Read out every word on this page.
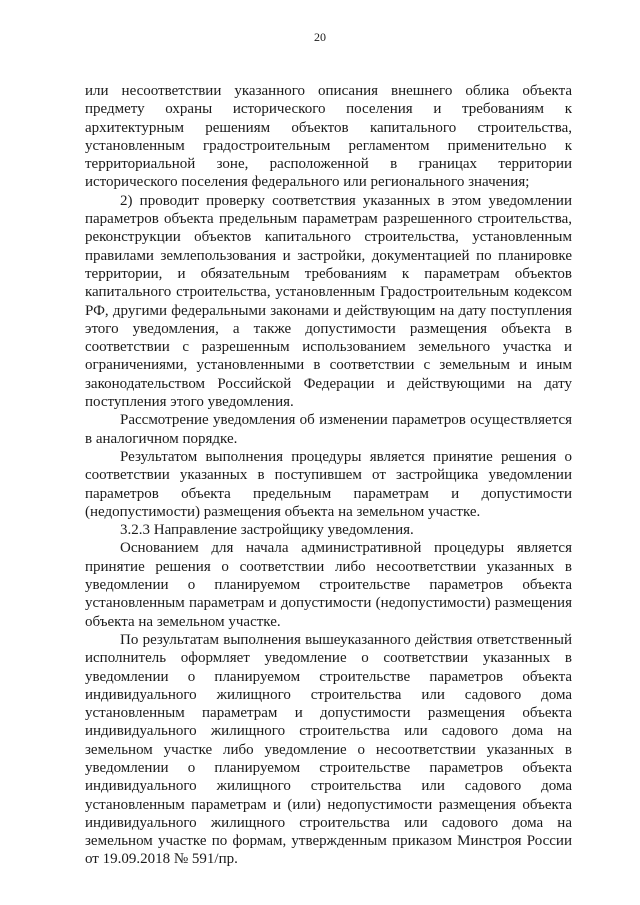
20

или несоответствии указанного описания внешнего облика объекта предмету охраны исторического поселения и требованиям к архитектурным решениям объектов капитального строительства, установленным градостроительным регламентом применительно к территориальной зоне, расположенной в границах территории исторического поселения федерального или регионального значения;

2) проводит проверку соответствия указанных в этом уведомлении параметров объекта предельным параметрам разрешенного строительства, реконструкции объектов капитального строительства, установленным правилами землепользования и застройки, документацией по планировке территории, и обязательным требованиям к параметрам объектов капитального строительства, установленным Градостроительным кодексом РФ, другими федеральными законами и действующим на дату поступления этого уведомления, а также допустимости размещения объекта в соответствии с разрешенным использованием земельного участка и ограничениями, установленными в соответствии с земельным и иным законодательством Российской Федерации и действующими на дату поступления этого уведомления.

Рассмотрение уведомления об изменении параметров осуществляется в аналогичном порядке.

Результатом выполнения процедуры является принятие решения о соответствии указанных в поступившем от застройщика уведомлении параметров объекта предельным параметрам и допустимости (недопустимости) размещения объекта на земельном участке.

3.2.3 Направление застройщику уведомления.

Основанием для начала административной процедуры является принятие решения о соответствии либо несоответствии указанных в уведомлении о планируемом строительстве параметров объекта установленным параметрам и допустимости (недопустимости) размещения объекта на земельном участке.

По результатам выполнения вышеуказанного действия ответственный исполнитель оформляет уведомление о соответствии указанных в уведомлении о планируемом строительстве параметров объекта индивидуального жилищного строительства или садового дома установленным параметрам и допустимости размещения объекта индивидуального жилищного строительства или садового дома на земельном участке либо уведомление о несоответствии указанных в уведомлении о планируемом строительстве параметров объекта индивидуального жилищного строительства или садового дома установленным параметрам и (или) недопустимости размещения объекта индивидуального жилищного строительства или садового дома на земельном участке по формам, утвержденным приказом Минстроя России от 19.09.2018 № 591/пр.
